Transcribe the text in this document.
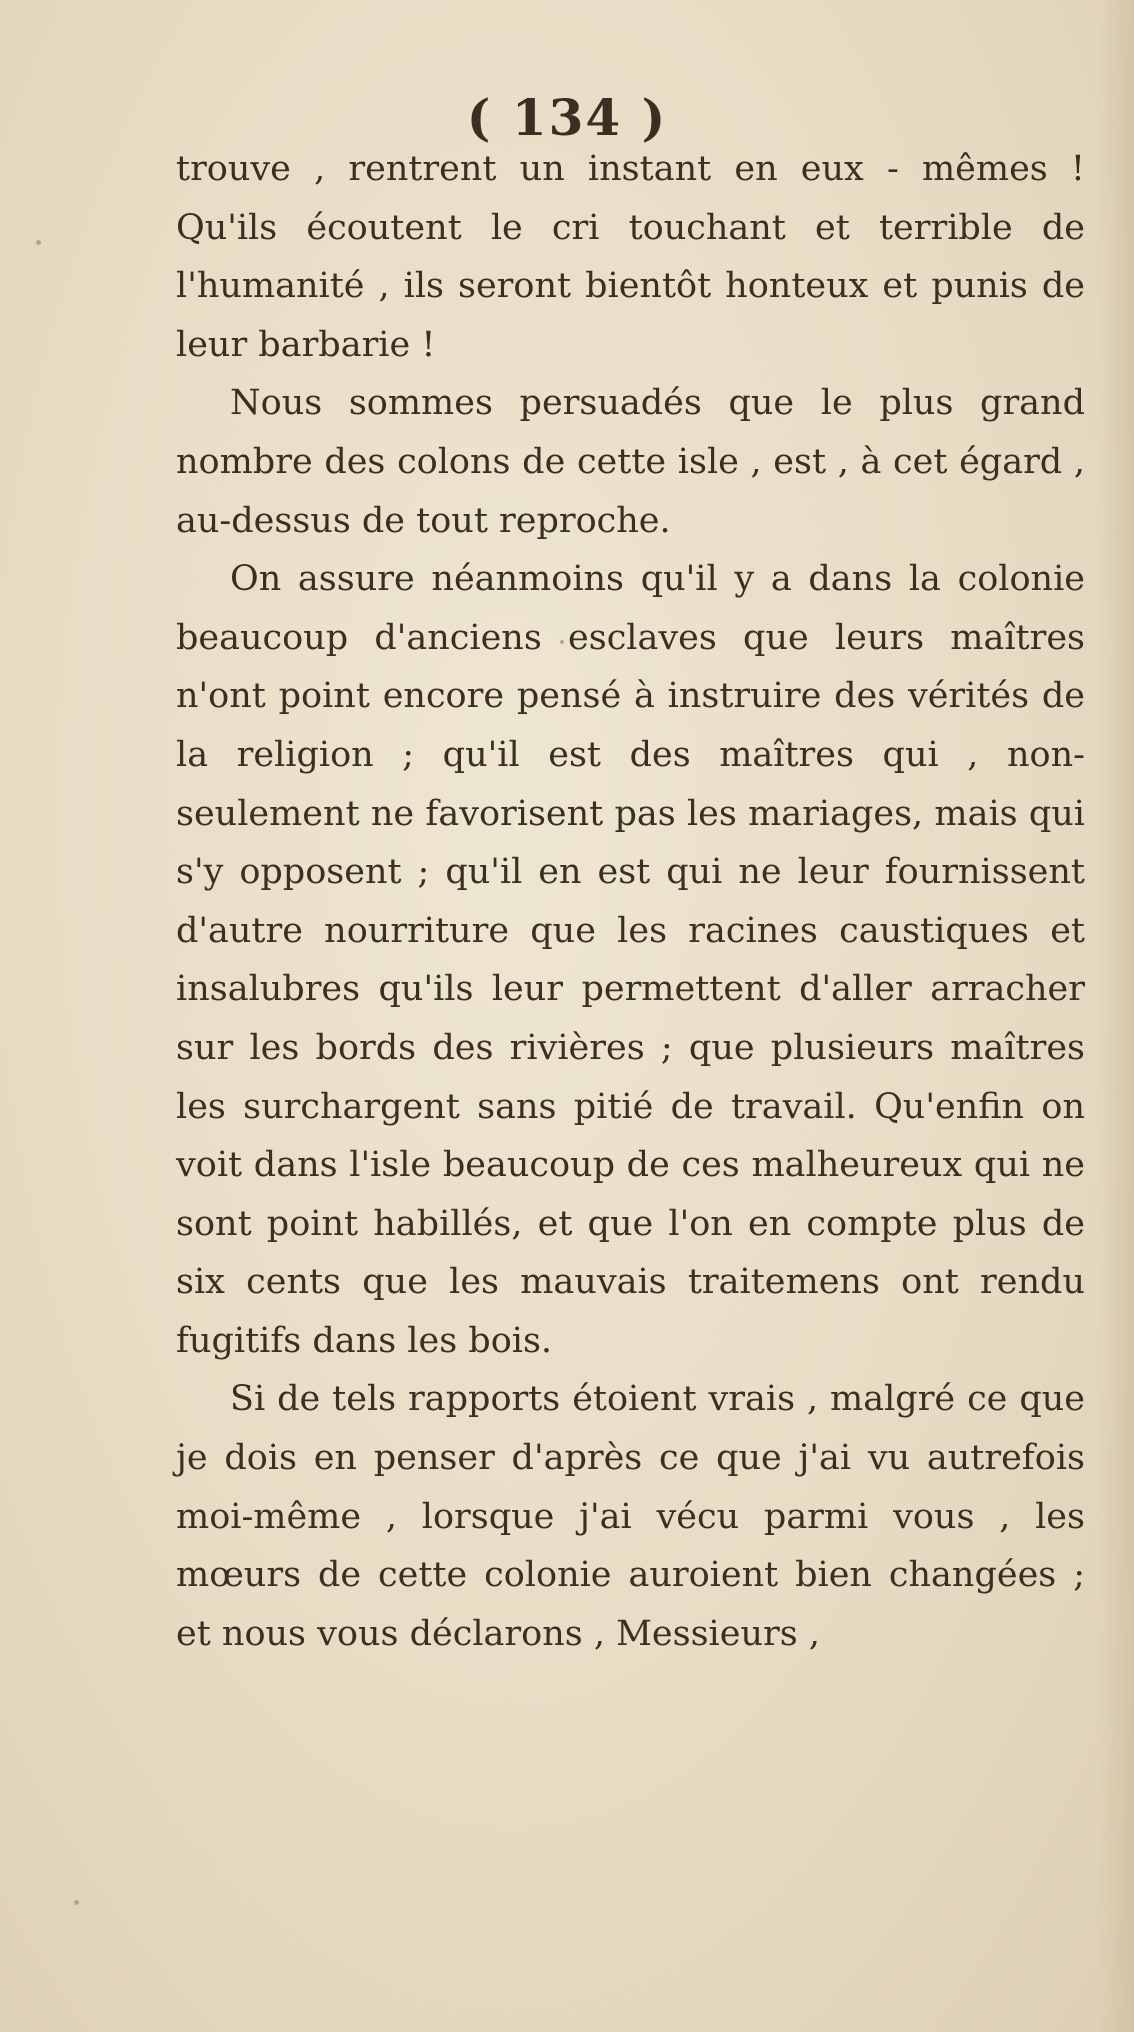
( 134 )

trouve , rentrent un instant en eux - mêmes ! Qu'ils écoutent le cri touchant et terrible de l'humanité , ils seront bientôt honteux et punis de leur barbarie !

Nous sommes persuadés que le plus grand nombre des colons de cette isle , est , à cet égard , au-dessus de tout reproche.

On assure néanmoins qu'il y a dans la colonie beaucoup d'anciens esclaves que leurs maîtres n'ont point encore pensé à instruire des vérités de la religion ; qu'il est des maîtres qui , non-seulement ne favorisent pas les mariages, mais qui s'y opposent ; qu'il en est qui ne leur fournissent d'autre nourriture que les racines caustiques et insalubres qu'ils leur permettent d'aller arracher sur les bords des rivières ; que plusieurs maîtres les surchargent sans pitié de travail. Qu'enfin on voit dans l'isle beaucoup de ces malheureux qui ne sont point habillés, et que l'on en compte plus de six cents que les mauvais traitemens ont rendu fugitifs dans les bois.

Si de tels rapports étoient vrais , malgré ce que je dois en penser d'après ce que j'ai vu autrefois moi-même , lorsque j'ai vécu parmi vous , les mœurs de cette colonie auroient bien changées ; et nous vous déclarons , Messieurs ,
